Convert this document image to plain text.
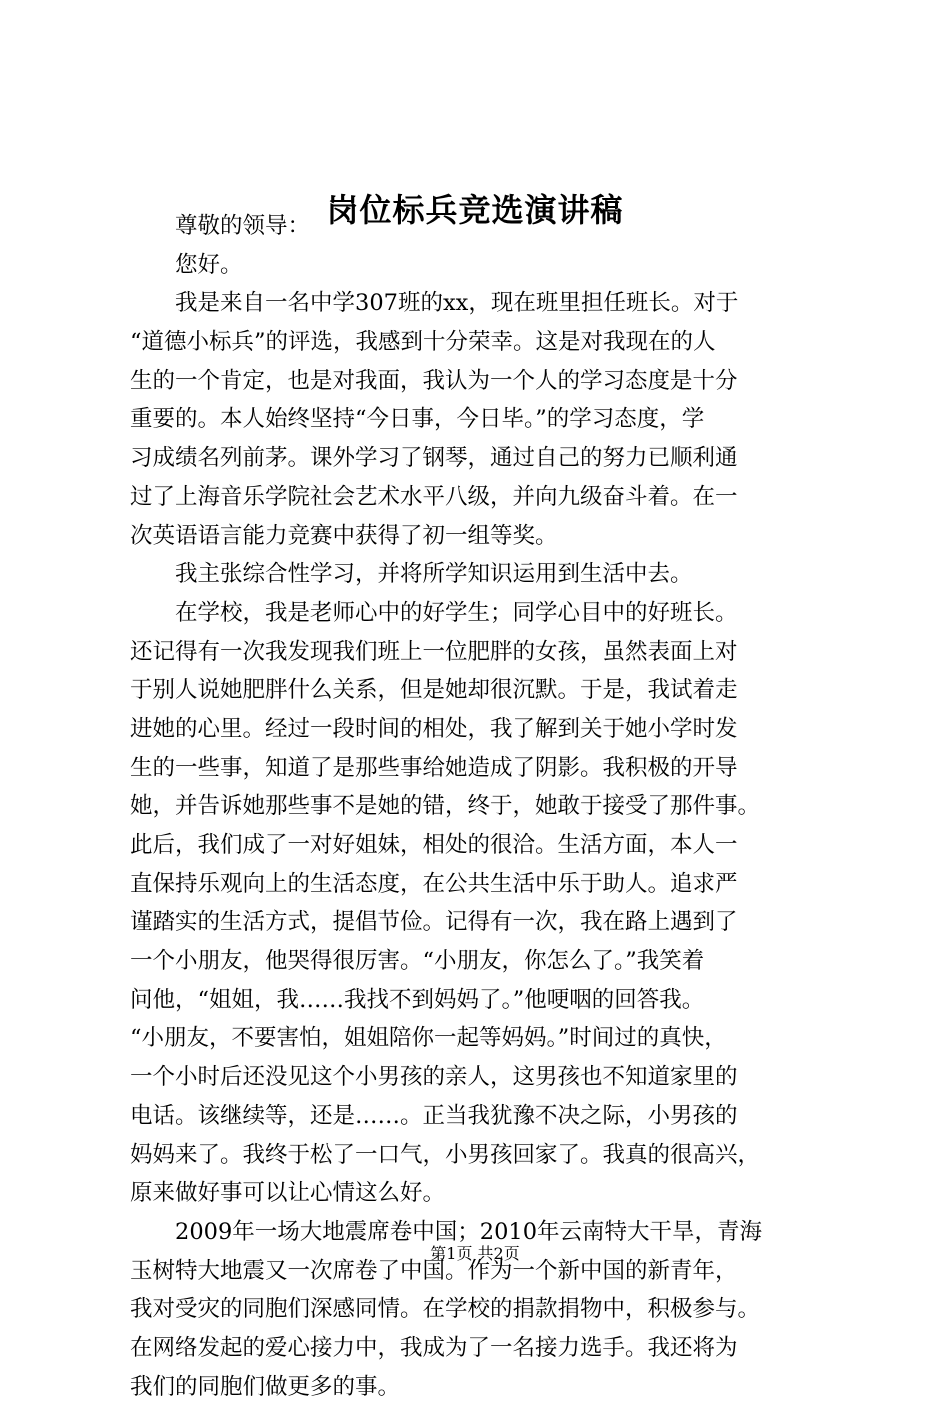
岗位标兵竞选演讲稿
　　尊敬的领导：
　　您好。
　　我是来自一名中学307班的xx，现在班里担任班长。对于
“道德小标兵”的评选，我感到十分荣幸。这是对我现在的人
生的一个肯定，也是对我面，我认为一个人的学习态度是十分
重要的。本人始终坚持“今日事，今日毕。”的学习态度，学
习成绩名列前茅。课外学习了钢琴，通过自己的努力已顺利通
过了上海音乐学院社会艺术水平八级，并向九级奋斗着。在一
次英语语言能力竞赛中获得了初一组等奖。
　　我主张综合性学习，并将所学知识运用到生活中去。
　　在学校，我是老师心中的好学生；同学心目中的好班长。
还记得有一次我发现我们班上一位肥胖的女孩，虽然表面上对
于别人说她肥胖什么关系，但是她却很沉默。于是，我试着走
进她的心里。经过一段时间的相处，我了解到关于她小学时发
生的一些事，知道了是那些事给她造成了阴影。我积极的开导
她，并告诉她那些事不是她的错，终于，她敢于接受了那件事。
此后，我们成了一对好姐妹，相处的很洽。生活方面，本人一
直保持乐观向上的生活态度，在公共生活中乐于助人。追求严
谨踏实的生活方式，提倡节俭。记得有一次，我在路上遇到了
一个小朋友，他哭得很厉害。“小朋友，你怎么了。”我笑着
问他，“姐姐，我……我找不到妈妈了。”他哽咽的回答我。
“小朋友，不要害怕，姐姐陪你一起等妈妈。”时间过的真快，
一个小时后还没见这个小男孩的亲人，这男孩也不知道家里的
电话。该继续等，还是……。正当我犹豫不决之际，小男孩的
妈妈来了。我终于松了一口气，小男孩回家了。我真的很高兴，
原来做好事可以让心情这么好。
　　2009年一场大地震席卷中国；2010年云南特大干旱，青海
玉树特大地震又一次席卷了中国。作为一个新中国的新青年，
我对受灾的同胞们深感同情。在学校的捐款捐物中，积极参与。
在网络发起的爱心接力中，我成为了一名接力选手。我还将为
我们的同胞们做更多的事。
第1页 共2页
